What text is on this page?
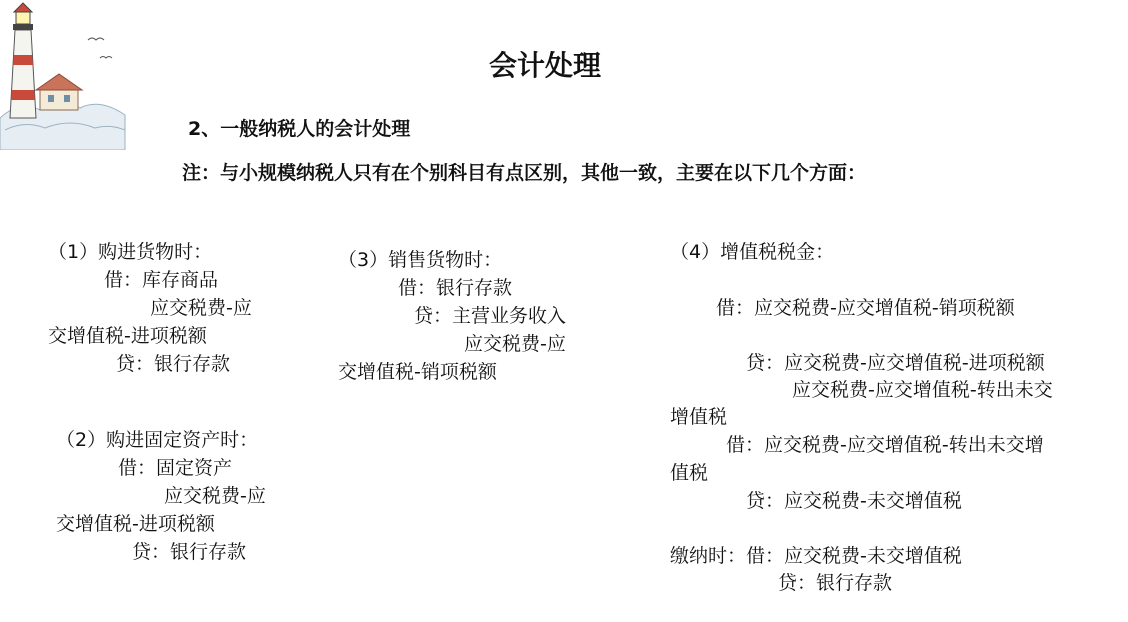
会计处理
2、一般纳税人的会计处理
注：与小规模纳税人只有在个别科目有点区别，其他一致，主要在以下几个方面：
（1）购进货物时：
借：库存商品
应交税费-应
交增值税-进项税额
贷：银行存款
（2）购进固定资产时：
借：固定资产
应交税费-应
交增值税-进项税额
贷：银行存款
（3）销售货物时：
借：银行存款
贷：主营业务收入
应交税费-应
交增值税-销项税额
（4）增值税税金：
借：应交税费-应交增值税-销项税额
贷：应交税费-应交增值税-进项税额
应交税费-应交增值税-转出未交
增值税
借：应交税费-应交增值税-转出未交增
值税
贷：应交税费-未交增值税
缴纳时：借：应交税费-未交增值税
贷：银行存款
